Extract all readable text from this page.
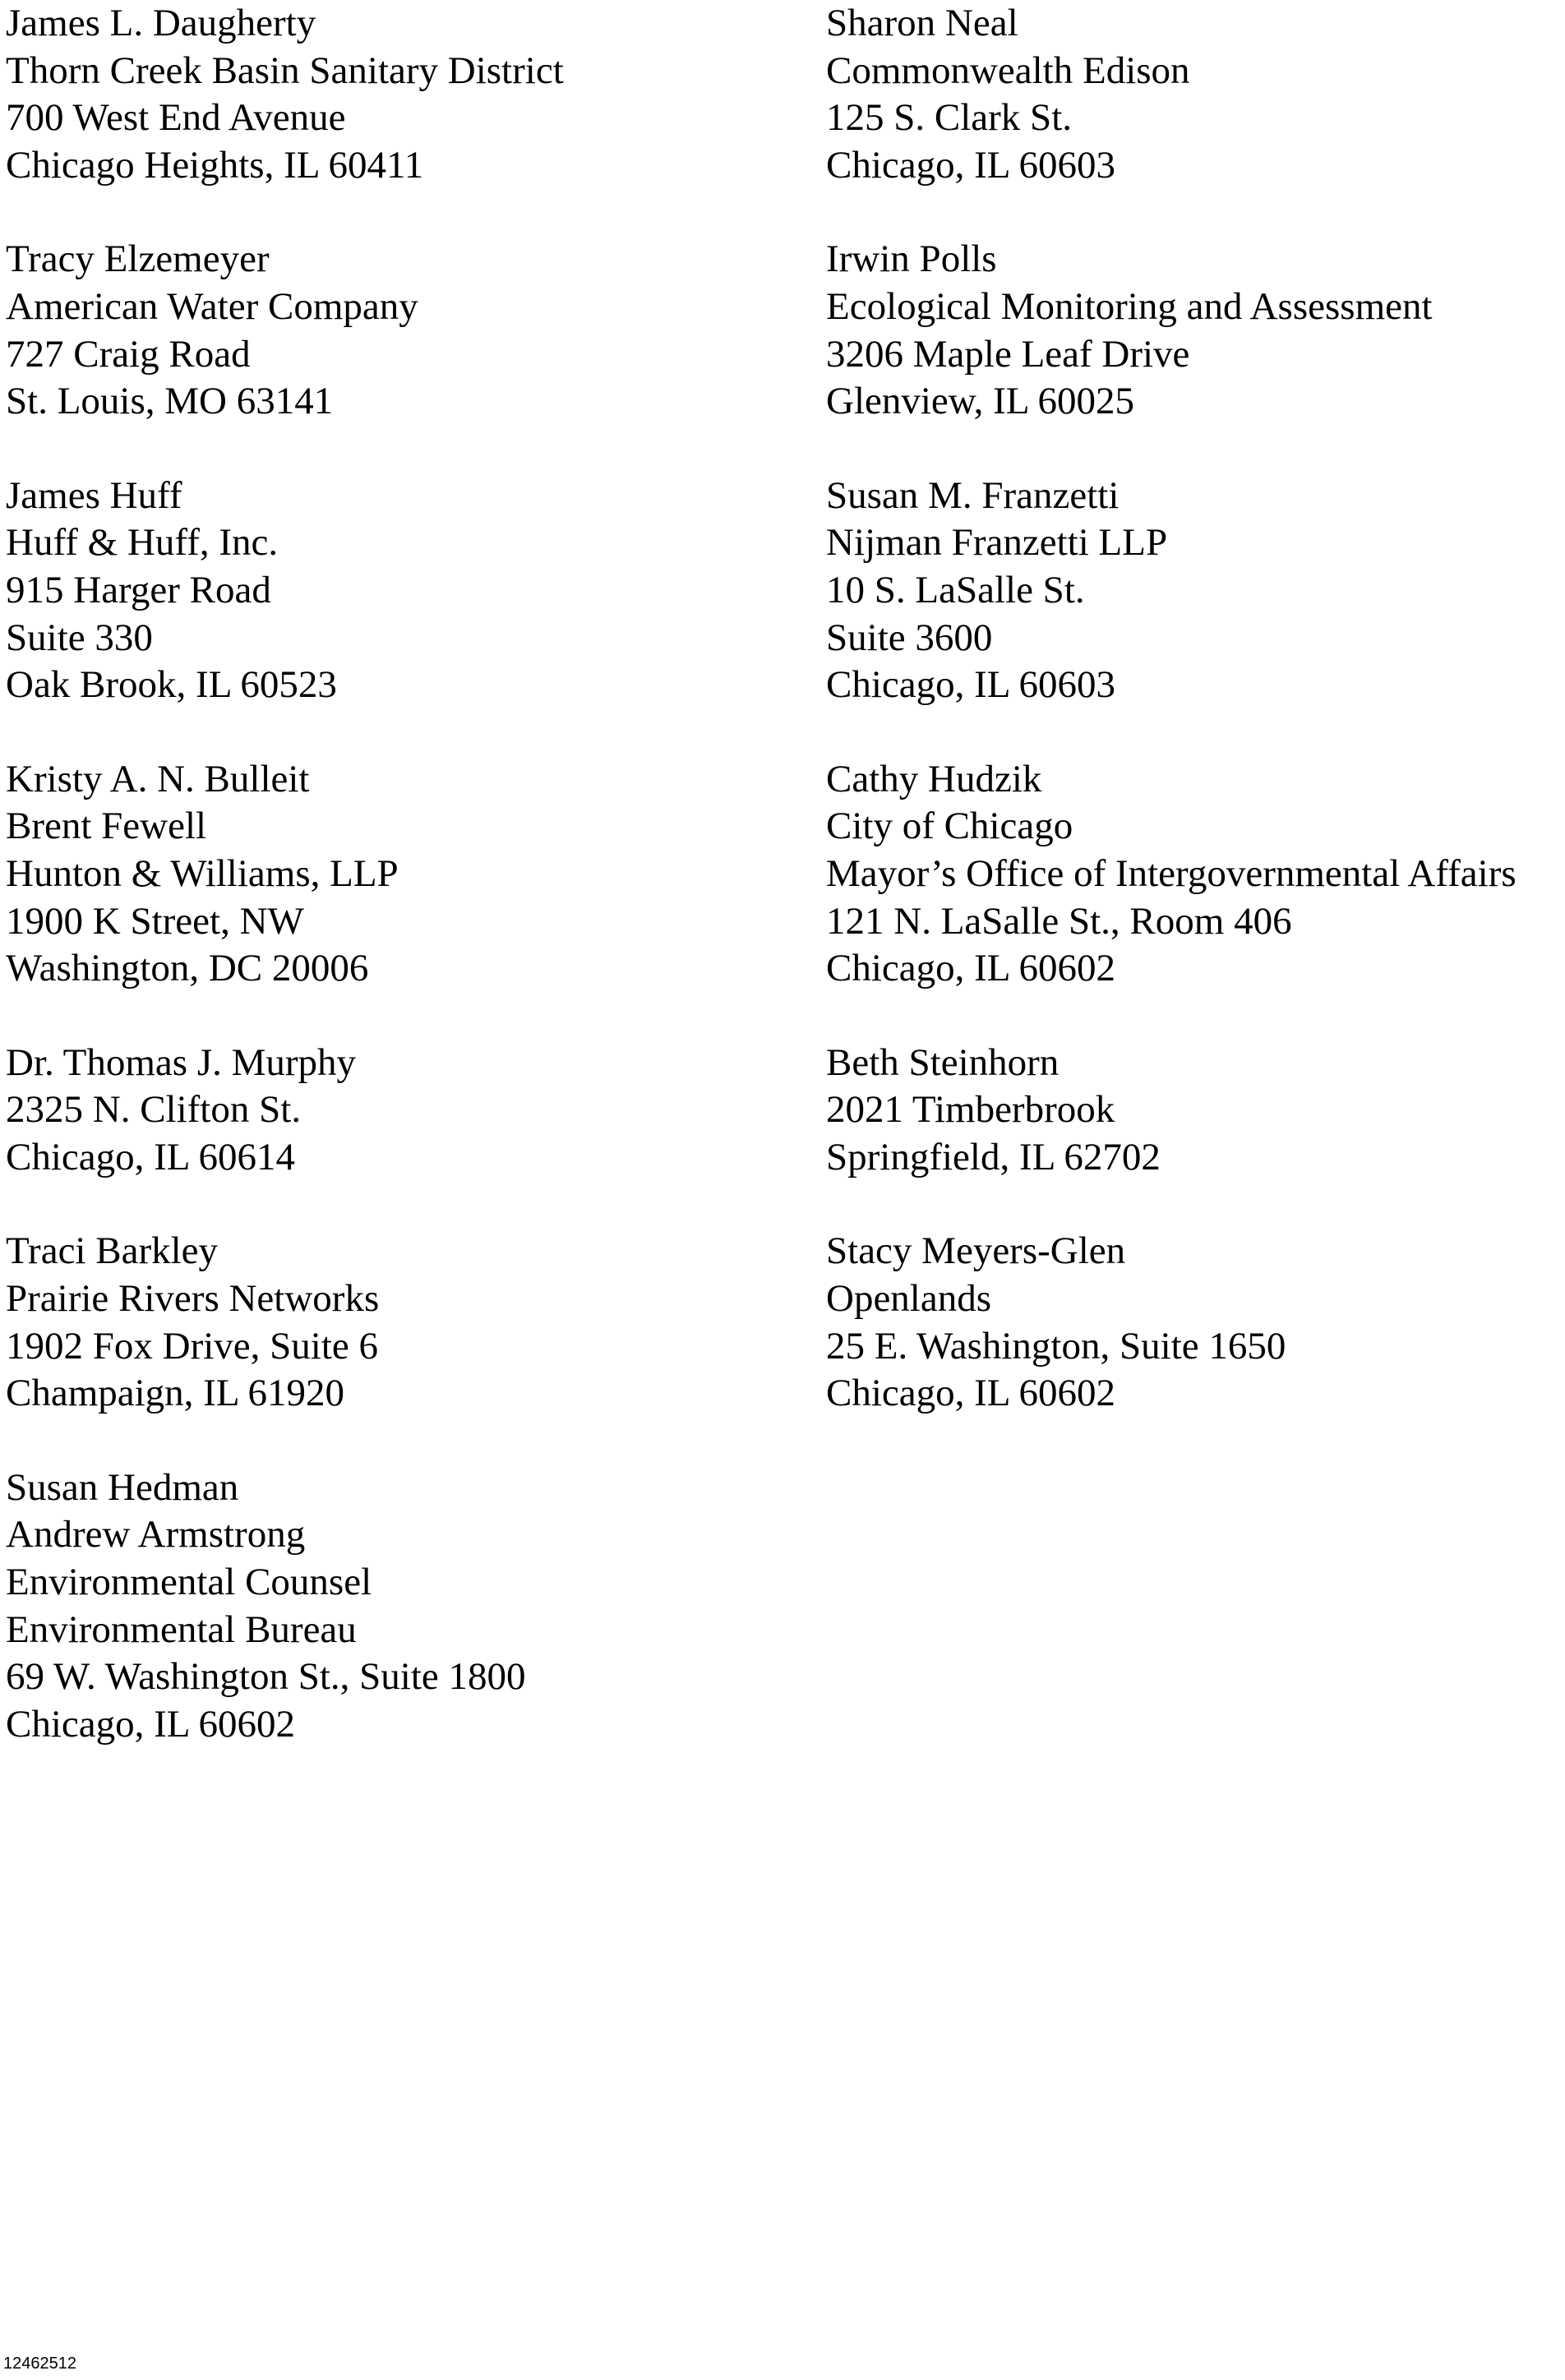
James L. Daugherty
Thorn Creek Basin Sanitary District
700 West End Avenue
Chicago Heights, IL 60411
Tracy Elzemeyer
American Water Company
727 Craig Road
St. Louis, MO 63141
James Huff
Huff & Huff, Inc.
915 Harger Road
Suite 330
Oak Brook, IL 60523
Kristy A. N. Bulleit
Brent Fewell
Hunton & Williams, LLP
1900 K Street, NW
Washington, DC 20006
Dr. Thomas J. Murphy
2325 N. Clifton St.
Chicago, IL 60614
Traci Barkley
Prairie Rivers Networks
1902 Fox Drive, Suite 6
Champaign, IL 61920
Susan Hedman
Andrew Armstrong
Environmental Counsel
Environmental Bureau
69 W. Washington St., Suite 1800
Chicago, IL 60602
Sharon Neal
Commonwealth Edison
125 S. Clark St.
Chicago, IL 60603
Irwin Polls
Ecological Monitoring and Assessment
3206 Maple Leaf Drive
Glenview, IL 60025
Susan M. Franzetti
Nijman Franzetti LLP
10 S. LaSalle St.
Suite 3600
Chicago, IL 60603
Cathy Hudzik
City of Chicago
Mayor’s Office of Intergovernmental Affairs
121 N. LaSalle St., Room 406
Chicago, IL 60602
Beth Steinhorn
2021 Timberbrook
Springfield, IL 62702
Stacy Meyers-Glen
Openlands
25 E. Washington, Suite 1650
Chicago, IL 60602
12462512
